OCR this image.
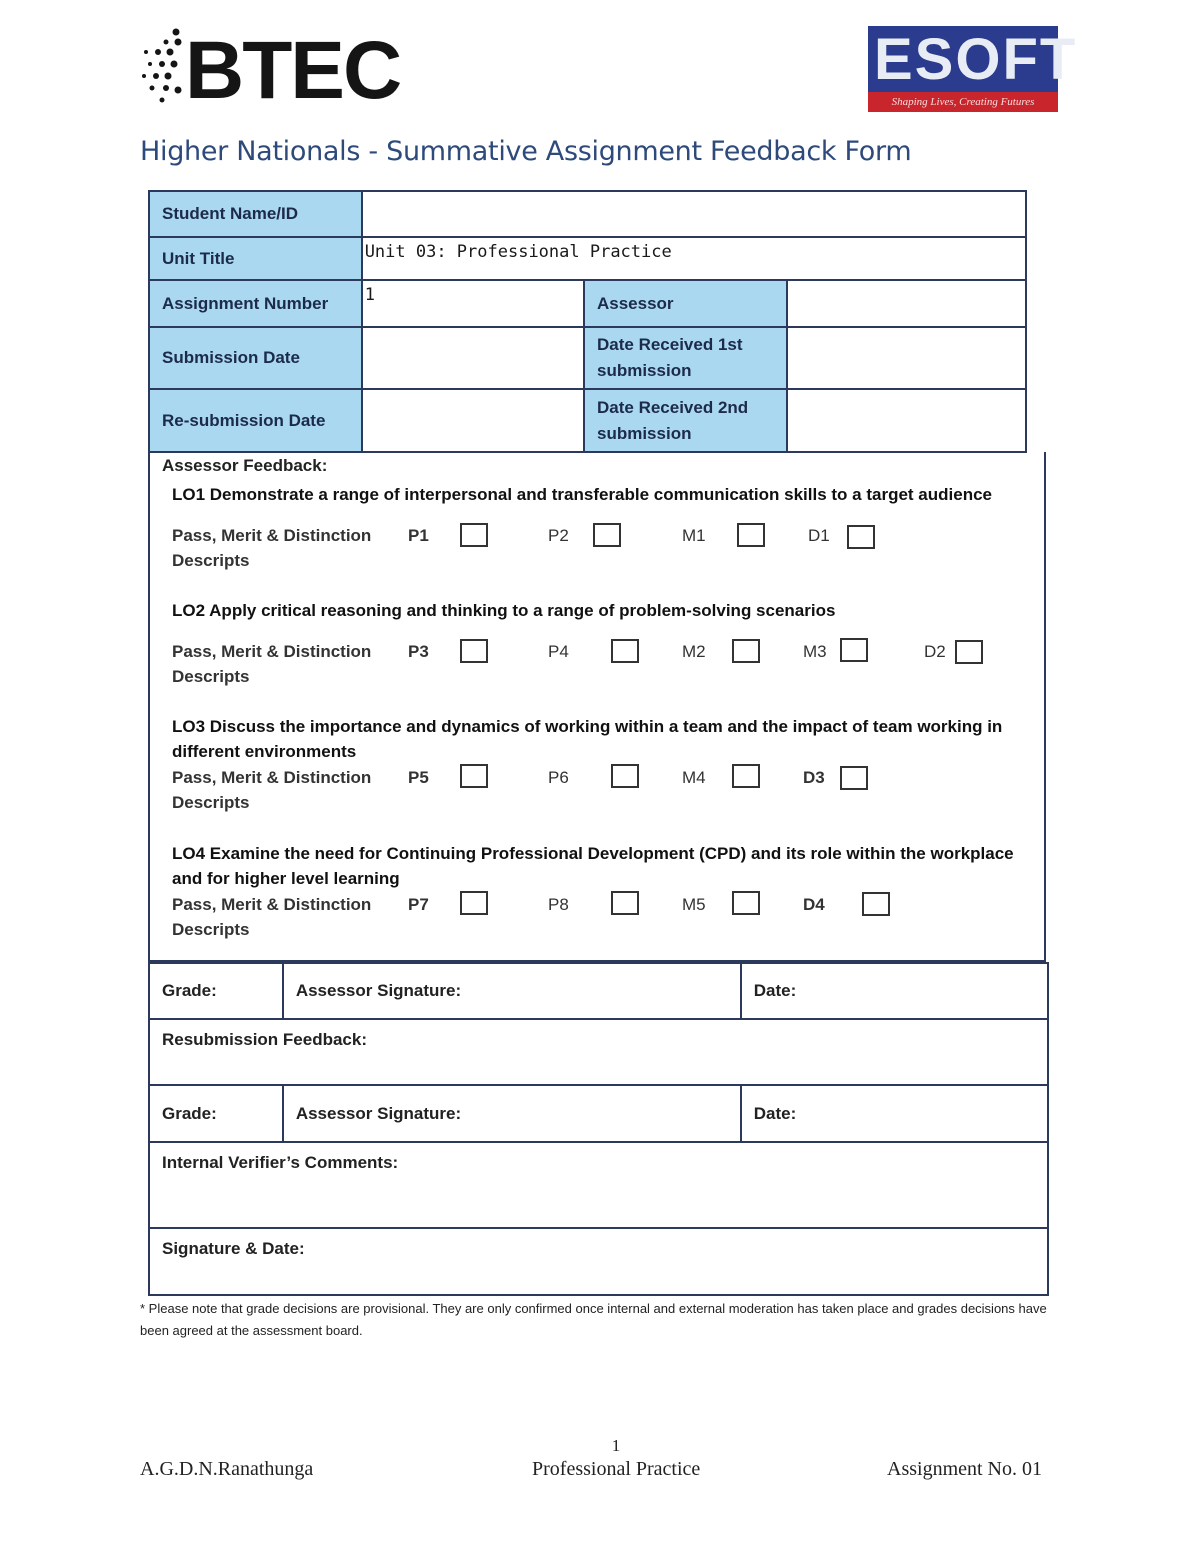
BTEC	ESOFT
Shaping Lives, Creating Futures
Higher Nationals - Summative Assignment Feedback Form
Student Name/ID			
Unit Title	Unit 03: Professional Practice		
Assignment Number	1	Assessor	
Submission Date		Date Received 1st submission	
Re-submission Date		Date Received 2nd submission	
Assessor Feedback:
LO1 Demonstrate a range of interpersonal and transferable communication skills to a target audience
Pass, Merit & Distinction Descripts
P1	P2	M1	D1
LO2 Apply critical reasoning and thinking to a range of problem-solving scenarios
Pass, Merit & Distinction Descripts
P3	P4	M2	M3	D2
LO3 Discuss the importance and dynamics of working within a team and the impact of team working in different environments
Pass, Merit & Distinction Descripts
P5	P6	M4	D3
LO4 Examine the need for Continuing Professional Development (CPD) and its role within the workplace and for higher level learning
Pass, Merit & Distinction Descripts
P7	P8	M5	D4
Grade:	Assessor Signature:	Date:
Resubmission Feedback:		
Grade:	Assessor Signature:	Date:
Internal Verifier’s Comments:		
Signature & Date:		
* Please note that grade decisions are provisional. They are only confirmed once internal and external moderation has taken place and grades decisions have been agreed at the assessment board.
1
A.G.D.N.Ranathunga	Professional Practice	Assignment No. 01
